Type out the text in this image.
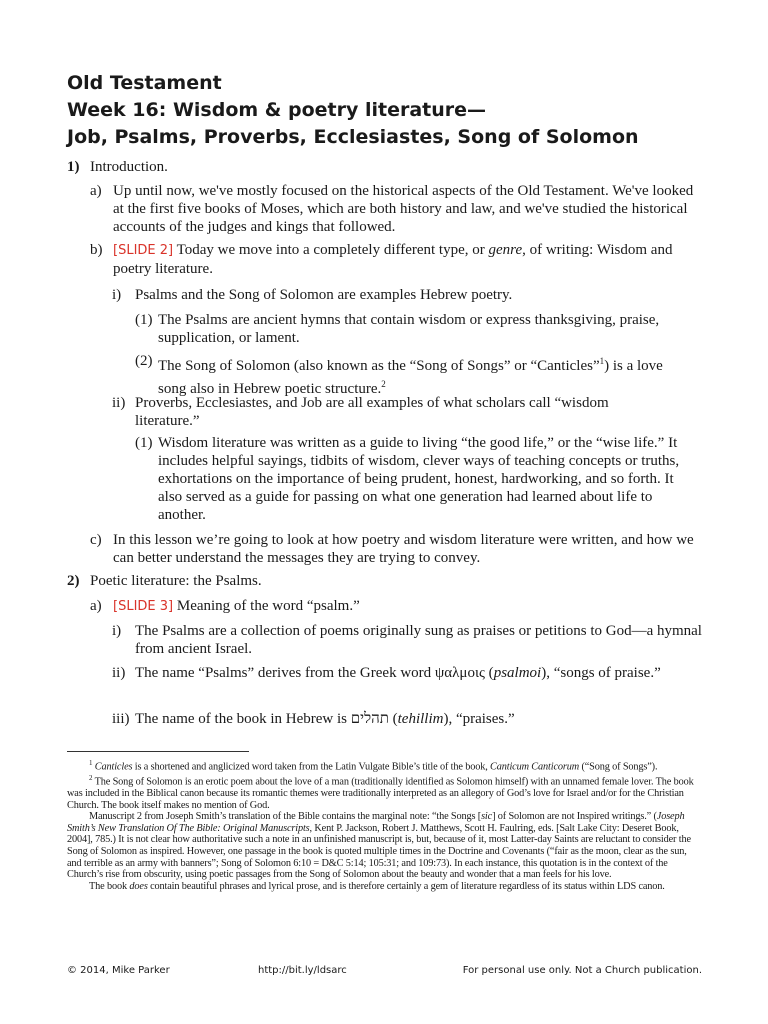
Old Testament
Week 16: Wisdom & poetry literature—
Job, Psalms, Proverbs, Ecclesiastes, Song of Solomon
1) Introduction.
a) Up until now, we've mostly focused on the historical aspects of the Old Testament. We've looked at the first five books of Moses, which are both history and law, and we've studied the historical accounts of the judges and kings that followed.
b) [SLIDE 2] Today we move into a completely different type, or genre, of writing: Wisdom and poetry literature.
i) Psalms and the Song of Solomon are examples Hebrew poetry.
(1) The Psalms are ancient hymns that contain wisdom or express thanksgiving, praise, supplication, or lament.
(2) The Song of Solomon (also known as the “Song of Songs” or “Canticles”$^1$) is a love song also in Hebrew poetic structure.$^2$
ii) Proverbs, Ecclesiastes, and Job are all examples of what scholars call “wisdom literature.”
(1) Wisdom literature was written as a guide to living “the good life,” or the “wise life.” It includes helpful sayings, tidbits of wisdom, clever ways of teaching concepts or truths, exhortations on the importance of being prudent, honest, hardworking, and so forth. It also served as a guide for passing on what one generation had learned about life to another.
c) In this lesson we’re going to look at how poetry and wisdom literature were written, and how we can better understand the messages they are trying to convey.
2) Poetic literature: the Psalms.
a) [SLIDE 3] Meaning of the word “psalm.”
i) The Psalms are a collection of poems originally sung as praises or petitions to God—a hymnal from ancient Israel.
ii) The name “Psalms” derives from the Greek word ψαλμοις (psalmoi), “songs of praise.”
iii) The name of the book in Hebrew is תהלים (tehillim), “praises.”

$^1$ Canticles is a shortened and anglicized word taken from the Latin Vulgate Bible’s title of the book, Canticum Canticorum (“Song of Songs”).

$^2$ The Song of Solomon is an erotic poem about the love of a man (traditionally identified as Solomon himself) with an unnamed female lover. The book was included in the Biblical canon because its romantic themes were traditionally interpreted as an allegory of God’s love for Israel and/or for the Christian Church. The book itself makes no mention of God.

Manuscript 2 from Joseph Smith’s translation of the Bible contains the marginal note: “the Songs [sic] of Solomon are not Inspired writings.” (Joseph Smith’s New Translation Of The Bible: Original Manuscripts, Kent P. Jackson, Robert J. Matthews, Scott H. Faulring, eds. [Salt Lake City: Deseret Book, 2004], 785.) It is not clear how authoritative such a note in an unfinished manuscript is, but, because of it, most Latter-day Saints are reluctant to consider the Song of Solomon as inspired. However, one passage in the book is quoted multiple times in the Doctrine and Covenants (“fair as the moon, clear as the sun, and terrible as an army with banners”; Song of Solomon 6:10 = D&C 5:14; 105:31; and 109:73). In each instance, this quotation is in the context of the Church’s rise from obscurity, using poetic passages from the Song of Solomon about the beauty and wonder that a man feels for his love.

The book does contain beautiful phrases and lyrical prose, and is therefore certainly a gem of literature regardless of its status within LDS canon.

© 2014, Mike Parker	http://bit.ly/ldsarc	For personal use only. Not a Church publication.
